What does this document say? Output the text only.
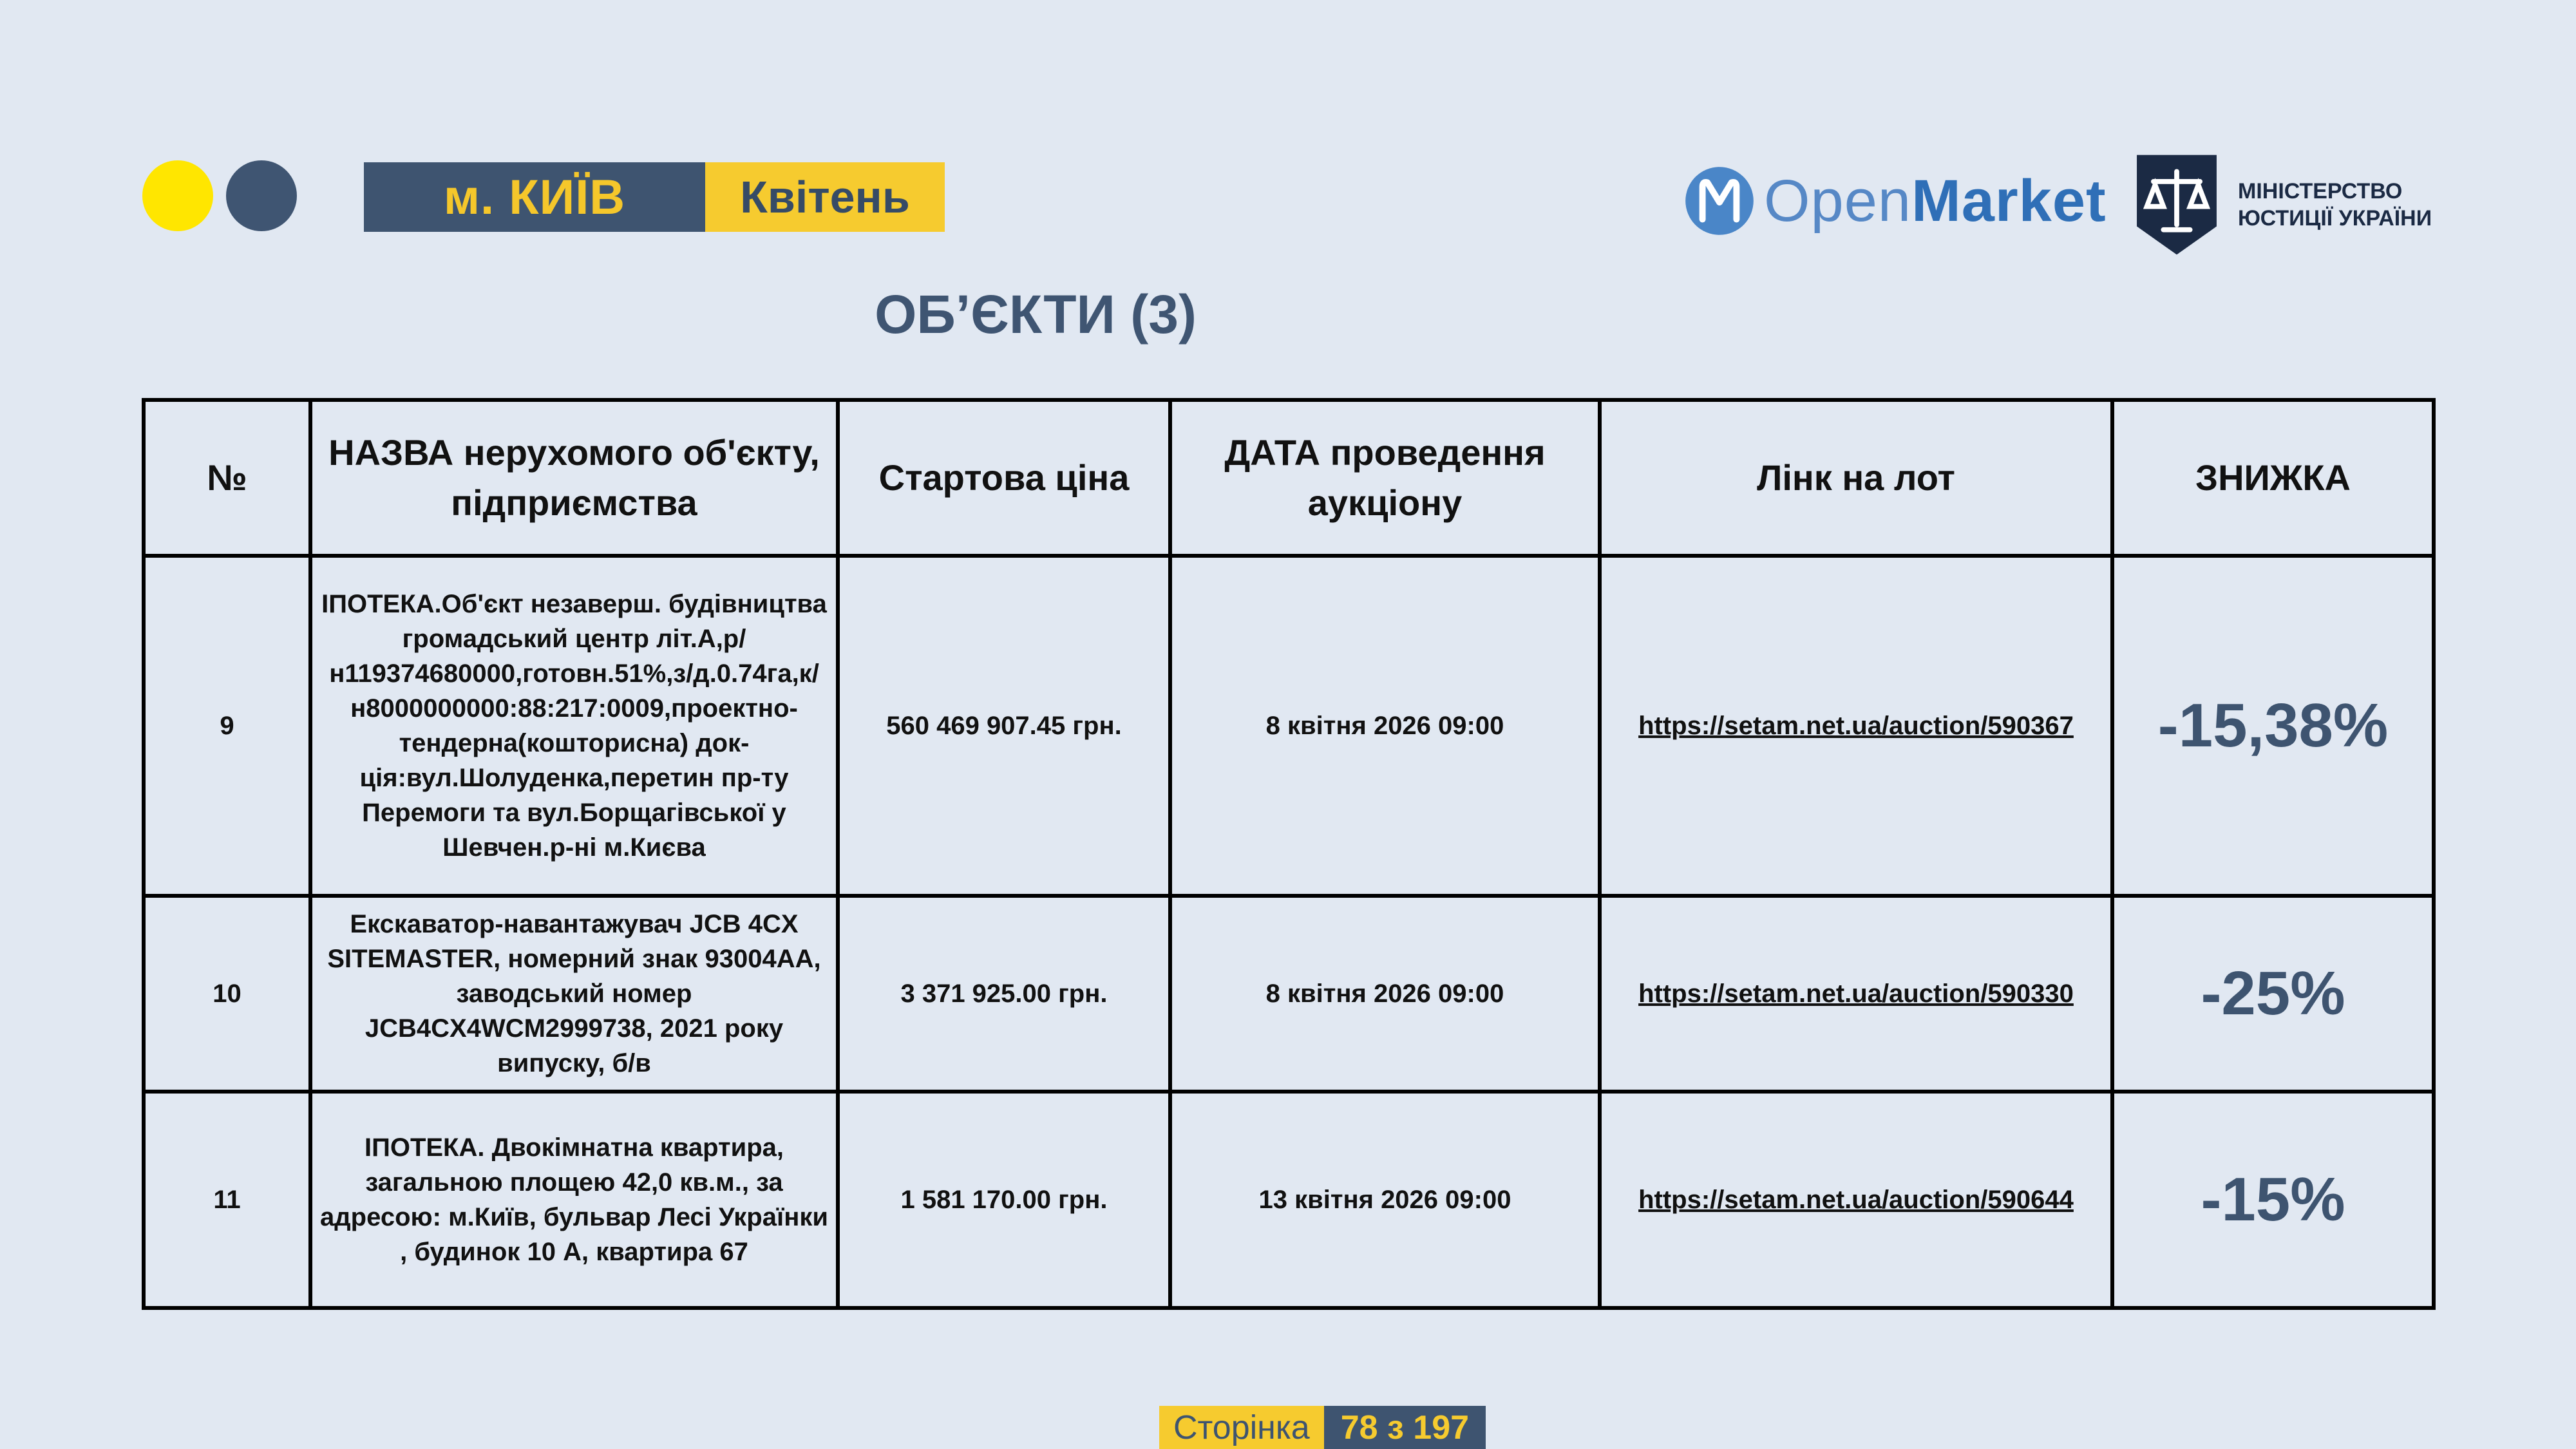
м. КИЇВ	Квітень	OpenMarket	МІНІСТЕРСТВО
ЮСТИЦІЇ УКРАЇНИ
ОБ’ЄКТИ (3)
№	НАЗВА нерухомого об'єкту, підприємства	Стартова ціна	ДАТА проведення аукціону	Лінк на лот	ЗНИЖКА
9	ІПОТЕКА.Об'єкт незаверш. будівництва громадський центр літ.А,р/н119374680000,готовн.51%,з/д.0.74га,к/н8000000000:88:217:0009,проектно-тендерна(кошторисна) док-ція:вул.Шолуденка,перетин пр-ту Перемоги та вул.Борщагівської у Шевчен.р-ні м.Києва	560 469 907.45 грн.	8 квітня 2026 09:00	https://setam.net.ua/auction/590367	-15,38%
10	Екскаватор-навантажувач JCB 4CX SITEMASTER, номерний знак 93004АА, заводський номер JCB4CX4WCM2999738, 2021 року випуску, б/в	3 371 925.00 грн.	8 квітня 2026 09:00	https://setam.net.ua/auction/590330	-25%
11	ІПОТЕКА. Двокімнатна квартира, загальною площею 42,0 кв.м., за адресою: м.Київ, бульвар Лесі Українки , будинок 10 А, квартира 67	1 581 170.00 грн.	13 квітня 2026 09:00	https://setam.net.ua/auction/590644	-15%
Сторінка 78 з 197
